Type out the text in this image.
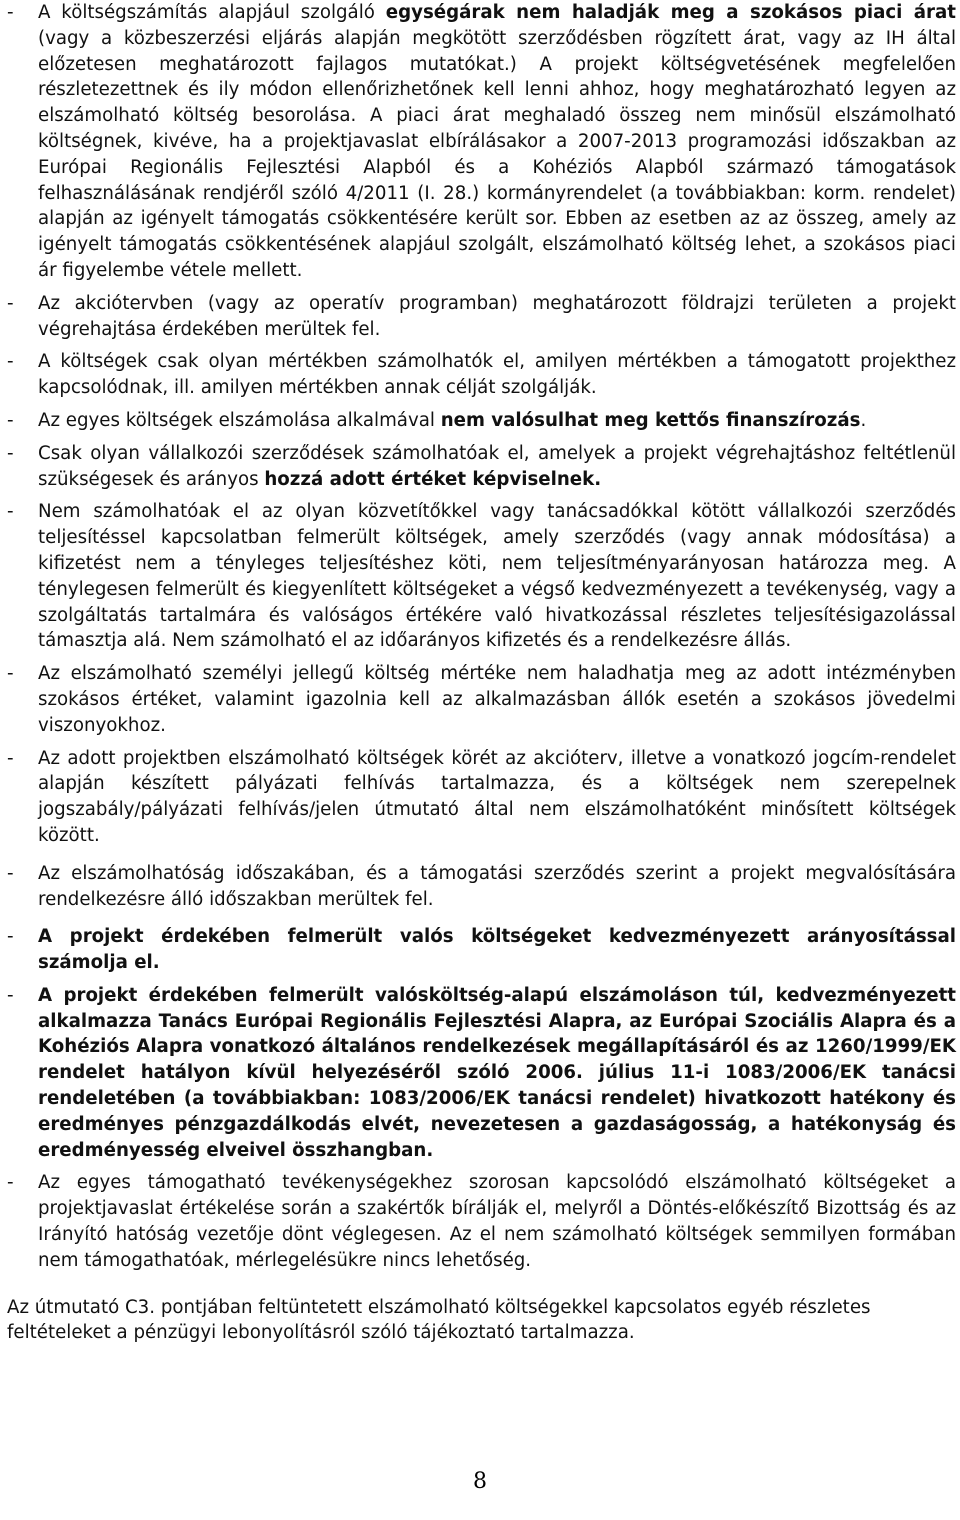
- A költségszámítás alapjául szolgáló egységárak nem haladják meg a szokásos piaci árat (vagy a közbeszerzési eljárás alapján megkötött szerződésben rögzített árat, vagy az IH által előzetesen meghatározott fajlagos mutatókat.) A projekt költségvetésének megfelelően részletezettnek és ily módon ellenőrizhetőnek kell lenni ahhoz, hogy meghatározható legyen az elszámolható költség besorolása. A piaci árat meghaladó összeg nem minősül elszámolható költségnek, kivéve, ha a projektjavaslat elbírálásakor a 2007-2013 programozási időszakban az Európai Regionális Fejlesztési Alapból és a Kohéziós Alapból származó támogatások felhasználásának rendjéről szóló 4/2011 (I. 28.) kormányrendelet (a továbbiakban: korm. rendelet) alapján az igényelt támogatás csökkentésére került sor. Ebben az esetben az az összeg, amely az igényelt támogatás csökkentésének alapjául szolgált, elszámolható költség lehet, a szokásos piaci ár figyelembe vétele mellett.
- Az akciótervben (vagy az operatív programban) meghatározott földrajzi területen a projekt végrehajtása érdekében merültek fel.
- A költségek csak olyan mértékben számolhatók el, amilyen mértékben a támogatott projekthez kapcsolódnak, ill. amilyen mértékben annak célját szolgálják.
- Az egyes költségek elszámolása alkalmával nem valósulhat meg kettős finanszírozás.
- Csak olyan vállalkozói szerződések számolhatóak el, amelyek a projekt végrehajtáshoz feltétlenül szükségesek és arányos hozzá adott értéket képviselnek.
- Nem számolhatóak el az olyan közvetítőkkel vagy tanácsadókkal kötött vállalkozói szerződés teljesítéssel kapcsolatban felmerült költségek, amely szerződés (vagy annak módosítása) a kifizetést nem a tényleges teljesítéshez köti, nem teljesítményarányosan határozza meg. A ténylegesen felmerült és kiegyenlített költségeket a végső kedvezményezett a tevékenység, vagy a szolgáltatás tartalmára és valóságos értékére való hivatkozással részletes teljesítésigazolással támasztja alá. Nem számolható el az időarányos kifizetés és a rendelkezésre állás.
- Az elszámolható személyi jellegű költség mértéke nem haladhatja meg az adott intézményben szokásos értéket, valamint igazolnia kell az alkalmazásban állók esetén a szokásos jövedelmi viszonyokhoz.
- Az adott projektben elszámolható költségek körét az akcióterv, illetve a vonatkozó jogcím-rendelet alapján készített pályázati felhívás tartalmazza, és a költségek nem szerepelnek jogszabály/pályázati felhívás/jelen útmutató által nem elszámolhatóként minősített költségek között.
- Az elszámolhatóság időszakában, és a támogatási szerződés szerint a projekt megvalósítására rendelkezésre álló időszakban merültek fel.
- A projekt érdekében felmerült valós költségeket kedvezményezett arányosítással számolja el.
- A projekt érdekében felmerült valósköltség-alapú elszámoláson túl, kedvezményezett alkalmazza Tanács Európai Regionális Fejlesztési Alapra, az Európai Szociális Alapra és a Kohéziós Alapra vonatkozó általános rendelkezések megállapításáról és az 1260/1999/EK rendelet hatályon kívül helyezéséről szóló 2006. július 11-i 1083/2006/EK tanácsi rendeletében (a továbbiakban: 1083/2006/EK tanácsi rendelet) hivatkozott hatékony és eredményes pénzgazdálkodás elvét, nevezetesen a gazdaságosság, a hatékonyság és eredményesség elveivel összhangban.
- Az egyes támogatható tevékenységekhez szorosan kapcsolódó elszámolható költségeket a projektjavaslat értékelése során a szakértők bírálják el, melyről a Döntés-előkészítő Bizottság és az Irányító hatóság vezetője dönt véglegesen. Az el nem számolható költségek semmilyen formában nem támogathatóak, mérlegelésükre nincs lehetőség.

Az útmutató C3. pontjában feltüntetett elszámolható költségekkel kapcsolatos egyéb részletes feltételeket a pénzügyi lebonyolításról szóló tájékoztató tartalmazza.

8
